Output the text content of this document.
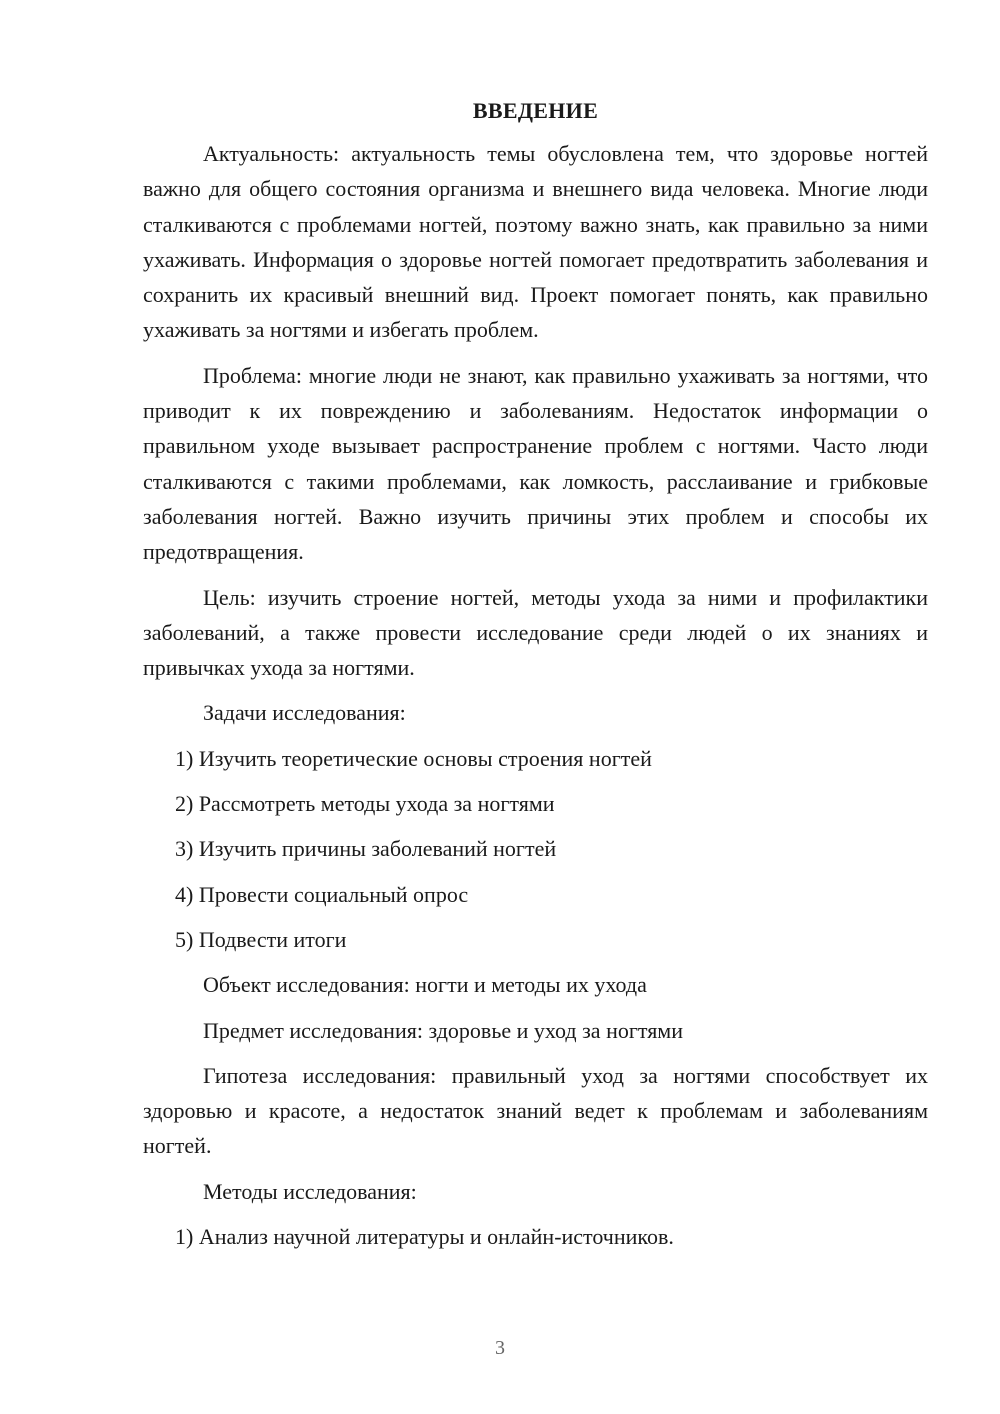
ВВЕДЕНИЕ

Актуальность: актуальность темы обусловлена тем, что здоровье ногтей важно для общего состояния организма и внешнего вида человека. Многие люди сталкиваются с проблемами ногтей, поэтому важно знать, как правильно за ними ухаживать. Информация о здоровье ногтей помогает предотвратить заболевания и сохранить их красивый внешний вид. Проект помогает понять, как правильно ухаживать за ногтями и избегать проблем.

Проблема: многие люди не знают, как правильно ухаживать за ногтями, что приводит к их повреждению и заболеваниям. Недостаток информации о правильном уходе вызывает распространение проблем с ногтями. Часто люди сталкиваются с такими проблемами, как ломкость, расслаивание и грибковые заболевания ногтей. Важно изучить причины этих проблем и способы их предотвращения.

Цель: изучить строение ногтей, методы ухода за ними и профилактики заболеваний, а также провести исследование среди людей о их знаниях и привычках ухода за ногтями.

Задачи исследования:
1) Изучить теоретические основы строения ногтей
2) Рассмотреть методы ухода за ногтями
3) Изучить причины заболеваний ногтей
4) Провести социальный опрос
5) Подвести итоги
Объект исследования: ногти и методы их ухода
Предмет исследования: здоровье и уход за ногтями

Гипотеза исследования: правильный уход за ногтями способствует их здоровью и красоте, а недостаток знаний ведет к проблемам и заболеваниям ногтей.

Методы исследования:
1) Анализ научной литературы и онлайн-источников.
3
